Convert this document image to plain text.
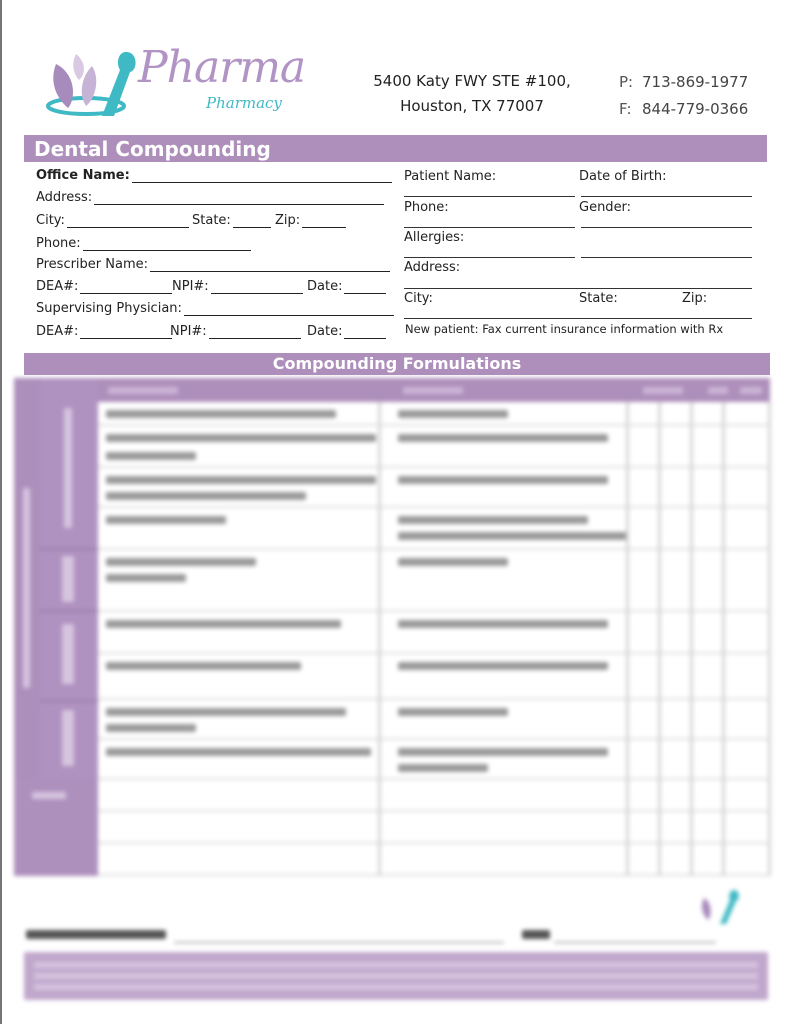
Pharma
Pharmacy
5400 Katy FWY STE #100,
Houston, TX 77007
P: 713-869-1977
F: 844-779-0366
Dental Compounding
Office Name:
Address:
City:	State:	Zip:
Phone:
Prescriber Name:
DEA#:	NPI#:	Date:
Supervising Physician:
DEA#:	NPI#:	Date:
Patient Name:	Date of Birth:
Phone:	Gender:
Allergies:
Address:
City:	State:	Zip:
New patient: Fax current insurance information with Rx
Compounding Formulations
